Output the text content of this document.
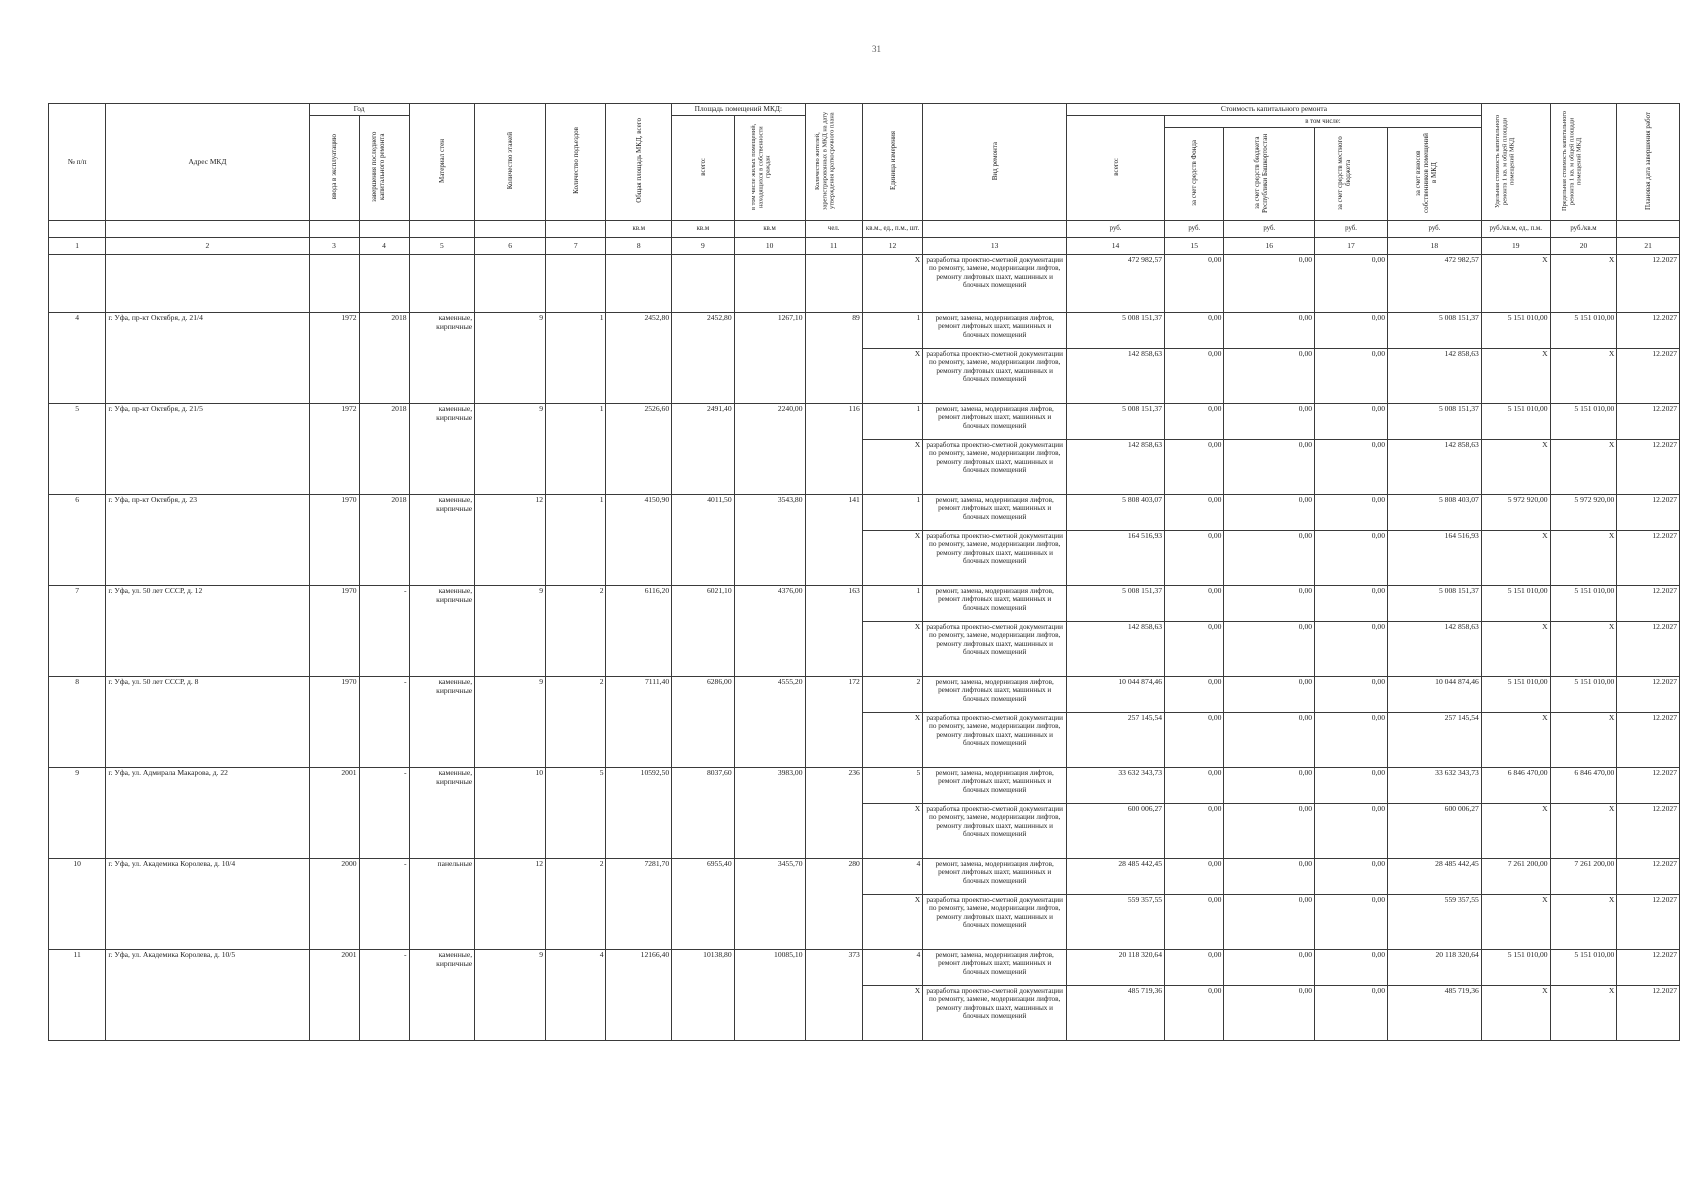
31
№ п/п	Адрес МКД	Год		Материал стен	Количество этажей	Количество подъездов	Общая площадь МКД, всего	Площадь помещений МКД:		Количество жителей, зарегистрированных в МКД на дату утверждения краткосрочного плана	Единица измерения	Вид ремонта	Стоимость капитального ремонта					Удельная стоимость капитального ремонта 1 кв. м общей площади помещений МКД	Предельная стоимость капитального ремонта 1 кв. м общей площади помещений МКД	Плановая дата завершения работ
		ввода в эксплуатацию	завершения последнего капитального ремонта					всего:	в том числе жилых помещений, находящихся в собственности граждан				всего:	в том числе:						
														за счет средств Фонда	за счет средств бюджета Республики Башкортостан	за счет средств местного бюджета	за счет взносов собственников помещений в МКД			
							кв.м	кв.м	кв.м	чел.	кв.м., ед., п.м., шт.		руб.	руб.	руб.	руб.	руб.	руб./кв.м, ед., п.м.	руб./кв.м	
1	2	3	4	5	6	7	8	9	10	11	12	13	14	15	16	17	18	19	20	21
											Х	разработка проектно-сметной документации по ремонту, замене, модернизации лифтов, ремонту лифтовых шахт, машинных и блочных помещений	472 982,57	0,00	0,00	0,00	472 982,57	Х	Х	12.2027
4	г. Уфа, пр-кт Октября, д. 21/4	1972	2018	каменные, кирпичные	9	1	2452,80	2452,80	1267,10	89	1	ремонт, замена, модернизация лифтов, ремонт лифтовых шахт, машинных и блочных помещений	5 008 151,37	0,00	0,00	0,00	5 008 151,37	5 151 010,00	5 151 010,00	12.2027
											Х	разработка проектно-сметной документации по ремонту, замене, модернизации лифтов, ремонту лифтовых шахт, машинных и блочных помещений	142 858,63	0,00	0,00	0,00	142 858,63	Х	Х	12.2027
5	г. Уфа, пр-кт Октября, д. 21/5	1972	2018	каменные, кирпичные	9	1	2526,60	2491,40	2240,00	116	1	ремонт, замена, модернизация лифтов, ремонт лифтовых шахт, машинных и блочных помещений	5 008 151,37	0,00	0,00	0,00	5 008 151,37	5 151 010,00	5 151 010,00	12.2027
											Х	разработка проектно-сметной документации по ремонту, замене, модернизации лифтов, ремонту лифтовых шахт, машинных и блочных помещений	142 858,63	0,00	0,00	0,00	142 858,63	Х	Х	12.2027
6	г. Уфа, пр-кт Октября, д. 23	1970	2018	каменные, кирпичные	12	1	4150,90	4011,50	3543,80	141	1	ремонт, замена, модернизация лифтов, ремонт лифтовых шахт, машинных и блочных помещений	5 808 403,07	0,00	0,00	0,00	5 808 403,07	5 972 920,00	5 972 920,00	12.2027
											Х	разработка проектно-сметной документации по ремонту, замене, модернизации лифтов, ремонту лифтовых шахт, машинных и блочных помещений	164 516,93	0,00	0,00	0,00	164 516,93	Х	Х	12.2027
7	г. Уфа, ул. 50 лет СССР, д. 12	1970	-	каменные, кирпичные	9	2	6116,20	6021,10	4376,00	163	1	ремонт, замена, модернизация лифтов, ремонт лифтовых шахт, машинных и блочных помещений	5 008 151,37	0,00	0,00	0,00	5 008 151,37	5 151 010,00	5 151 010,00	12.2027
											Х	разработка проектно-сметной документации по ремонту, замене, модернизации лифтов, ремонту лифтовых шахт, машинных и блочных помещений	142 858,63	0,00	0,00	0,00	142 858,63	Х	Х	12.2027
8	г. Уфа, ул. 50 лет СССР, д. 8	1970	-	каменные, кирпичные	9	2	7111,40	6286,00	4555,20	172	2	ремонт, замена, модернизация лифтов, ремонт лифтовых шахт, машинных и блочных помещений	10 044 874,46	0,00	0,00	0,00	10 044 874,46	5 151 010,00	5 151 010,00	12.2027
											Х	разработка проектно-сметной документации по ремонту, замене, модернизации лифтов, ремонту лифтовых шахт, машинных и блочных помещений	257 145,54	0,00	0,00	0,00	257 145,54	Х	Х	12.2027
9	г. Уфа, ул. Адмирала Макарова, д. 22	2001	-	каменные, кирпичные	10	5	10592,50	8037,60	3983,00	236	5	ремонт, замена, модернизация лифтов, ремонт лифтовых шахт, машинных и блочных помещений	33 632 343,73	0,00	0,00	0,00	33 632 343,73	6 846 470,00	6 846 470,00	12.2027
											Х	разработка проектно-сметной документации по ремонту, замене, модернизации лифтов, ремонту лифтовых шахт, машинных и блочных помещений	600 006,27	0,00	0,00	0,00	600 006,27	Х	Х	12.2027
10	г. Уфа, ул. Академика Королева, д. 10/4	2000	-	панельные	12	2	7281,70	6955,40	3455,70	280	4	ремонт, замена, модернизация лифтов, ремонт лифтовых шахт, машинных и блочных помещений	28 485 442,45	0,00	0,00	0,00	28 485 442,45	7 261 200,00	7 261 200,00	12.2027
											Х	разработка проектно-сметной документации по ремонту, замене, модернизации лифтов, ремонту лифтовых шахт, машинных и блочных помещений	559 357,55	0,00	0,00	0,00	559 357,55	Х	Х	12.2027
11	г. Уфа, ул. Академика Королева, д. 10/5	2001	-	каменные, кирпичные	9	4	12166,40	10138,80	10085,10	373	4	ремонт, замена, модернизация лифтов, ремонт лифтовых шахт, машинных и блочных помещений	20 118 320,64	0,00	0,00	0,00	20 118 320,64	5 151 010,00	5 151 010,00	12.2027
											Х	разработка проектно-сметной документации по ремонту, замене, модернизации лифтов, ремонту лифтовых шахт, машинных и блочных помещений	485 719,36	0,00	0,00	0,00	485 719,36	Х	Х	12.2027
